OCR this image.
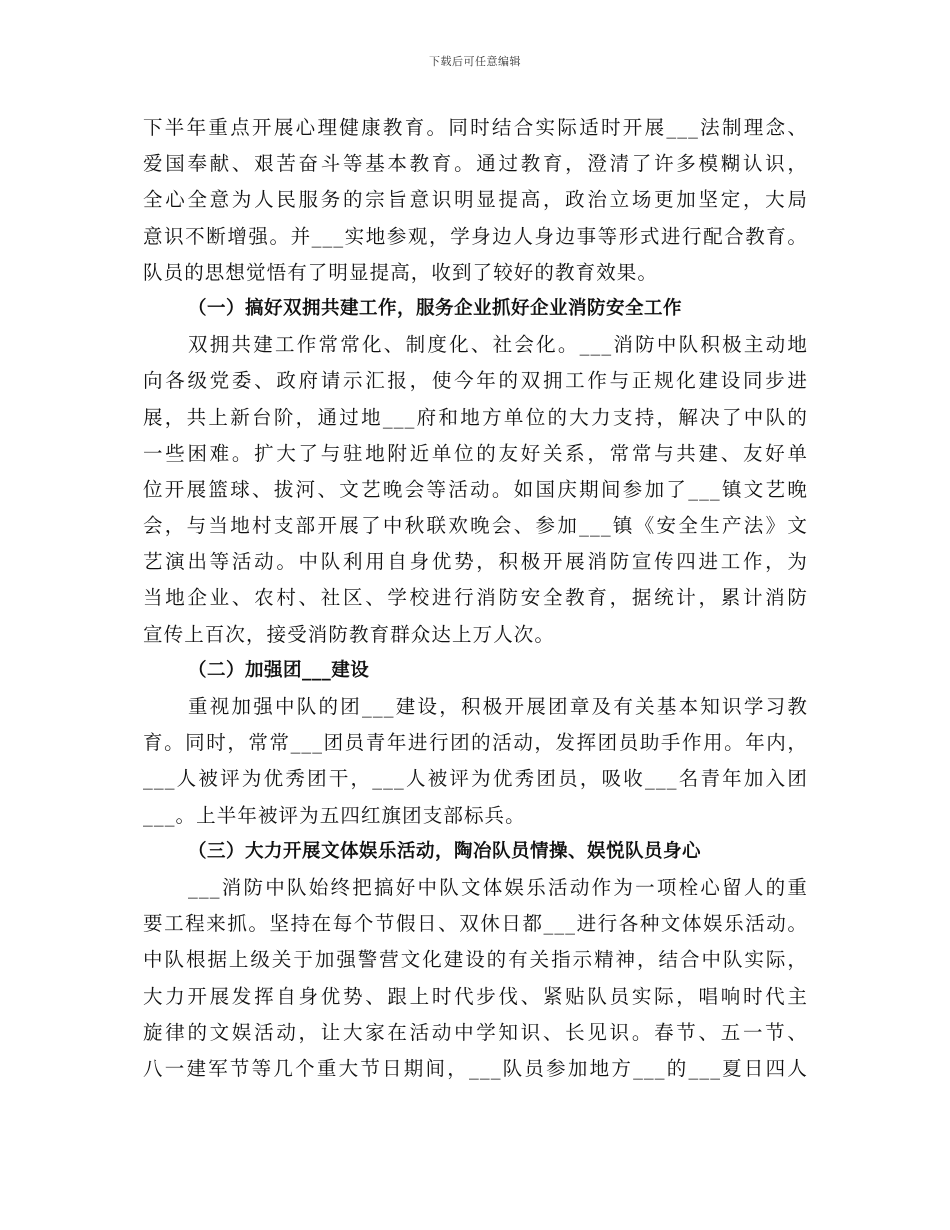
下载后可任意编辑
下半年重点开展心理健康教育。同时结合实际适时开展___法制理念、
爱国奉献、艰苦奋斗等基本教育。通过教育，澄清了许多模糊认识，
全心全意为人民服务的宗旨意识明显提高，政治立场更加坚定，大局
意识不断增强。并___实地参观，学身边人身边事等形式进行配合教育。
队员的思想觉悟有了明显提高，收到了较好的教育效果。
（一）搞好双拥共建工作，服务企业抓好企业消防安全工作
双拥共建工作常常化、制度化、社会化。___消防中队积极主动地
向各级党委、政府请示汇报，使今年的双拥工作与正规化建设同步进
展，共上新台阶，通过地___府和地方单位的大力支持，解决了中队的
一些困难。扩大了与驻地附近单位的友好关系，常常与共建、友好单
位开展篮球、拔河、文艺晚会等活动。如国庆期间参加了___镇文艺晚
会，与当地村支部开展了中秋联欢晚会、参加___镇《安全生产法》文
艺演出等活动。中队利用自身优势，积极开展消防宣传四进工作，为
当地企业、农村、社区、学校进行消防安全教育，据统计，累计消防
宣传上百次，接受消防教育群众达上万人次。
（二）加强团___建设
重视加强中队的团___建设，积极开展团章及有关基本知识学习教
育。同时，常常___团员青年进行团的活动，发挥团员助手作用。年内，
___人被评为优秀团干，___人被评为优秀团员，吸收___名青年加入团
___。上半年被评为五四红旗团支部标兵。
（三）大力开展文体娱乐活动，陶冶队员情操、娱悦队员身心
___消防中队始终把搞好中队文体娱乐活动作为一项栓心留人的重
要工程来抓。坚持在每个节假日、双休日都___进行各种文体娱乐活动。
中队根据上级关于加强警营文化建设的有关指示精神，结合中队实际，
大力开展发挥自身优势、跟上时代步伐、紧贴队员实际，唱响时代主
旋律的文娱活动，让大家在活动中学知识、长见识。春节、五一节、
八一建军节等几个重大节日期间，___队员参加地方___的___夏日四人
